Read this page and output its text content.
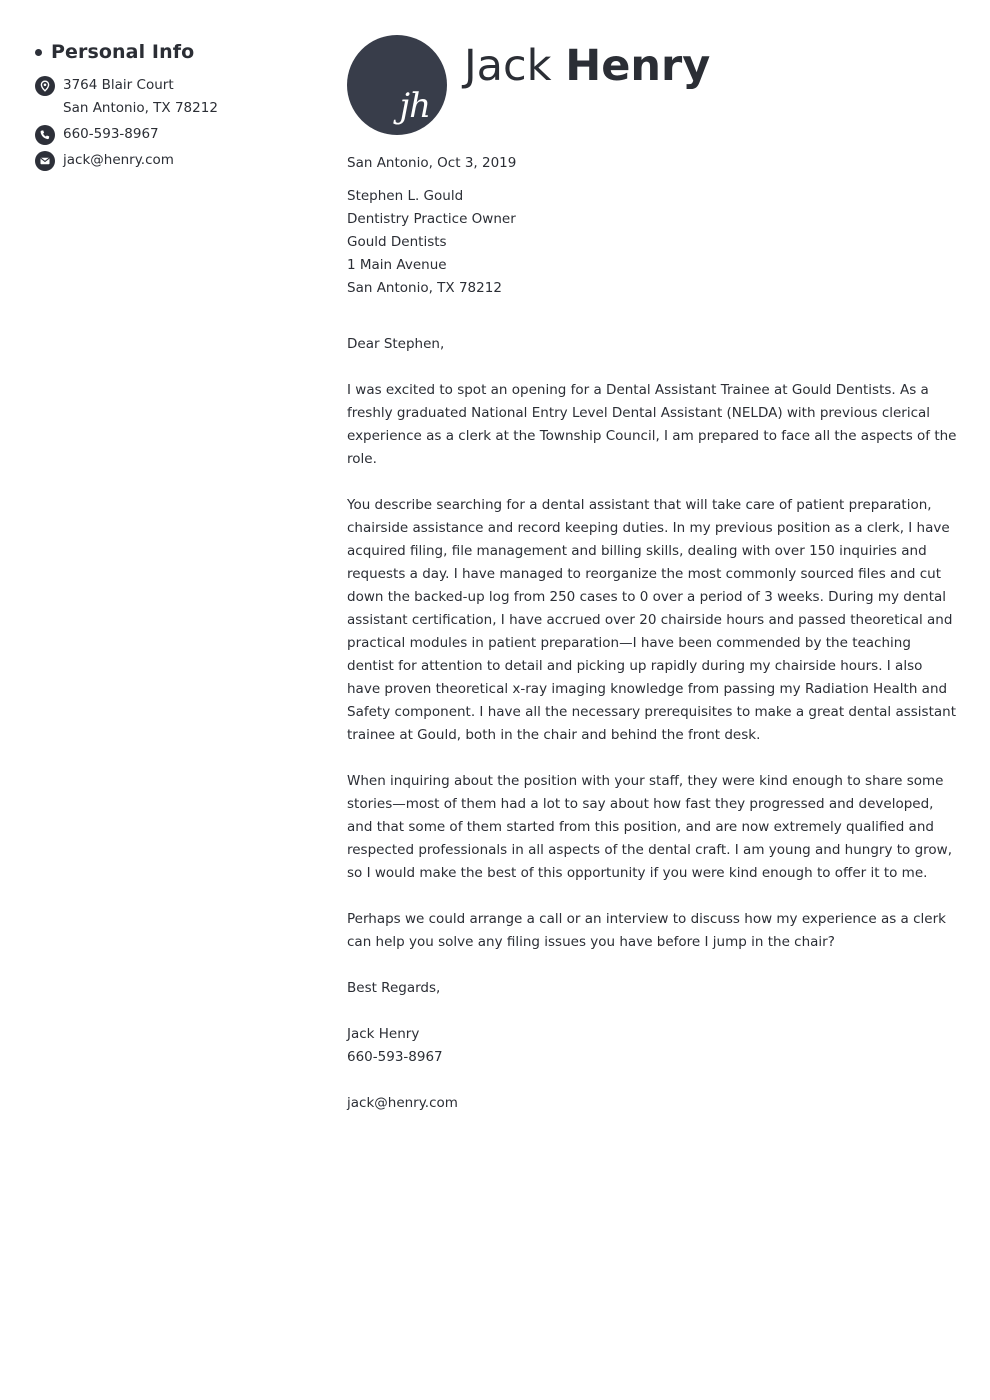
Personal Info
3764 Blair Court
San Antonio, TX 78212
660-593-8967
jack@henry.com
jh
Jack Henry
San Antonio, Oct 3, 2019
Stephen L. Gould
Dentistry Practice Owner
Gould Dentists
1 Main Avenue
San Antonio, TX 78212
Dear Stephen,

I was excited to spot an opening for a Dental Assistant Trainee at Gould Dentists. As a freshly graduated National Entry Level Dental Assistant (NELDA) with previous clerical experience as a clerk at the Township Council, I am prepared to face all the aspects of the role.

You describe searching for a dental assistant that will take care of patient preparation, chairside assistance and record keeping duties. In my previous position as a clerk, I have acquired filing, file management and billing skills, dealing with over 150 inquiries and requests a day. I have managed to reorganize the most commonly sourced files and cut down the backed-up log from 250 cases to 0 over a period of 3 weeks. During my dental assistant certification, I have accrued over 20 chairside hours and passed theoretical and practical modules in patient preparation—I have been commended by the teaching dentist for attention to detail and picking up rapidly during my chairside hours. I also have proven theoretical x-ray imaging knowledge from passing my Radiation Health and Safety component. I have all the necessary prerequisites to make a great dental assistant trainee at Gould, both in the chair and behind the front desk.

When inquiring about the position with your staff, they were kind enough to share some stories—most of them had a lot to say about how fast they progressed and developed, and that some of them started from this position, and are now extremely qualified and respected professionals in all aspects of the dental craft. I am young and hungry to grow, so I would make the best of this opportunity if you were kind enough to offer it to me.

Perhaps we could arrange a call or an interview to discuss how my experience as a clerk can help you solve any filing issues you have before I jump in the chair?

Best Regards,
Jack Henry
660-593-8967
jack@henry.com
